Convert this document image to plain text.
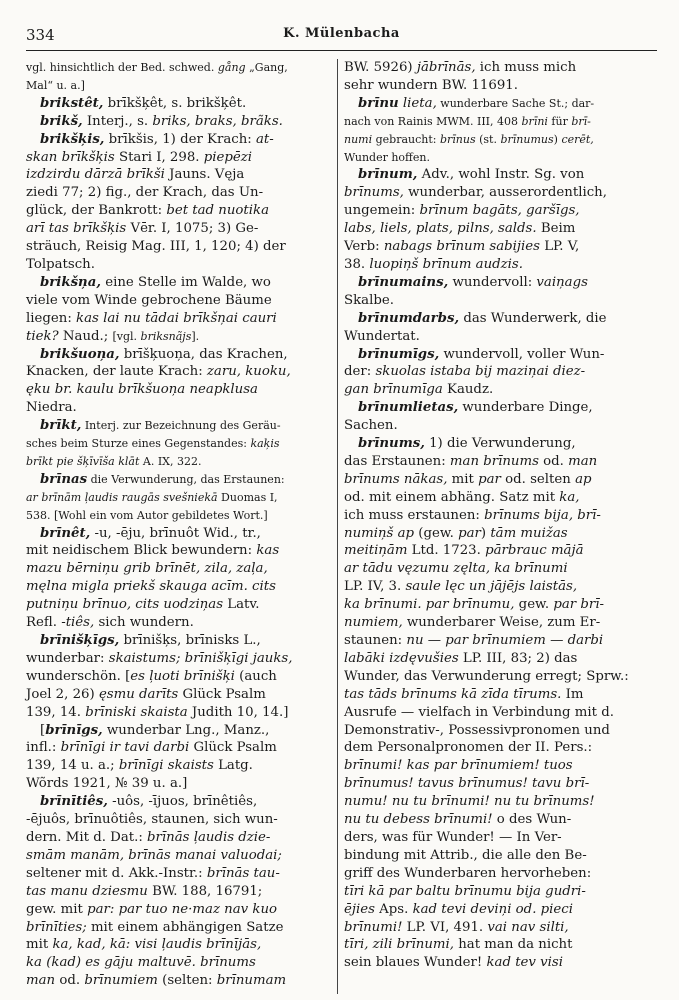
334	K. Mülenbacha
vgl. hinsichtlich der Bed. schwed. gång „Gang,
Mal“ u. a.]
brikstêt, brīkšķêt, s. brikšķêt.
brikš, Interj., s. briks, braks, brãks.
brikšķis, brīkšis, 1) der Krach: at-
skan brīkšķis Stari I, 298. piepēzi
izdzirdu dārzā brīkši Jauns. Vęja
ziedi 77; 2) fig., der Krach, das Un-
glück, der Bankrott: bet tad nuotika
arī tas brīkšķis Vēr. I, 1075; 3) Ge-
sträuch, Reisig Mag. III, 1, 120; 4) der
Tolpatsch.
brikšņa, eine Stelle im Walde, wo
viele vom Winde gebrochene Bäume
liegen: kas lai nu tādai brīkšņai cauri
tiek? Naud.; [vgl. briksnãjs].
brikšuoņa, brīšķuoņa, das Krachen,
Knacken, der laute Krach: zaru, kuoku,
ęku br. kaulu brīkšuoņa neapklusa
Niedra.
brīkt, Interj. zur Bezeichnung des Geräu-
sches beim Sturze eines Gegenstandes: kaķis
brīkt pie šķīvīša klāt A. IX, 322.
brīnas die Verwunderung, das Erstaunen:
ar brīnām ļaudis raugās svešniekā Duomas I,
538. [Wohl ein vom Autor gebildetes Wort.]
brīnêt, -u, -ēju, brīnuôt Wid., tr.,
mit neidischem Blick bewundern: kas
mazu bērniņu grib brīnēt, zila, zaļa,
męlna migla priekš skauga acīm. cits
putniņu brīnuo, cits uodziņas Latv.
Refl. -tiês, sich wundern.
brīnišķīgs, brīnišķs, brīnisks L.,
wunderbar: skaistums; brīnišķīgi jauks,
wunderschön. [es ļuoti brīnišķi (auch
Joel 2, 26) ęsmu darīts Glück Psalm
139, 14. brīniski skaista Judith 10, 14.]
[brīnīgs, wunderbar Lng., Manz.,
infl.: brīnīgi ir tavi darbi Glück Psalm
139, 14 u. a.; brīnīgi skaists Latg.
Wõrds 1921, № 39 u. a.]
brīnītiês, -uôs, -ījuos, brīnêtiês,
-ējuôs, brīnuôtiês, staunen, sich wun-
dern. Mit d. Dat.: brīnās ļaudis dzie-
smām manām, brīnās manai valuodai;
seltener mit d. Akk.-Instr.: brīnās tau-
tas manu dziesmu BW. 188, 16791;
gew. mit par: par tuo ne·maz nav kuo
brīnīties; mit einem abhängigen Satze
mit ka, kad, kā: visi ļaudis brīnījās,
ka (kad) es gāju maltuvē. brīnums
man od. brīnumiem (selten: brīnumam
BW. 5926) jābrīnās, ich muss mich
sehr wundern BW. 11691.
brīnu lieta, wunderbare Sache St.; dar-
nach von Rainis MWM. III, 408 brīni für brī-
numi gebraucht: brīnus (st. brīnumus) cerēt,
Wunder hoffen.
brīnum, Adv., wohl Instr. Sg. von
brīnums, wunderbar, ausserordentlich,
ungemein: brīnum bagāts, garšīgs,
labs, liels, plats, pilns, salds. Beim
Verb: nabags brīnum sabijies LP. V,
38. luopiņš brīnum audzis.
brīnumains, wundervoll: vaiņags
Skalbe.
brīnumdarbs, das Wunderwerk, die
Wundertat.
brīnumīgs, wundervoll, voller Wun-
der: skuolas istaba bij maziņai diez-
gan brīnumīga Kaudz.
brīnumlietas, wunderbare Dinge,
Sachen.
brīnums, 1) die Verwunderung,
das Erstaunen: man brīnums od. man
brīnums nākas, mit par od. selten ap
od. mit einem abhäng. Satz mit ka,
ich muss erstaunen: brīnums bija, brī-
numiņš ap (gew. par) tām muižas
meitiņām Ltd. 1723. pārbrauc mājā
ar tādu vęzumu zęlta, ka brīnumi
LP. IV, 3. saule lęc un jājējs laistās,
ka brīnumi. par brīnumu, gew. par brī-
numiem, wunderbarer Weise, zum Er-
staunen: nu — par brīnumiem — darbi
labāki izdęvušies LP. III, 83; 2) das
Wunder, das Verwunderung erregt; Sprw.:
tas tāds brīnums kā zīda tīrums. Im
Ausrufe — vielfach in Verbindung mit d.
Demonstrativ-, Possessivpronomen und
dem Personalpronomen der II. Pers.:
brīnumi! kas par brīnumiem! tuos
brīnumus! tavus brīnumus! tavu brī-
numu! nu tu brīnumi! nu tu brīnums!
nu tu debess brīnumi! o des Wun-
ders, was für Wunder! — In Ver-
bindung mit Attrib., die alle den Be-
griff des Wunderbaren hervorheben:
tīri kā par baltu brīnumu bija gudri-
ējies Aps. kad tevi deviņi od. pieci
brīnumi! LP. VI, 491. vai nav silti,
tīri, zili brīnumi, hat man da nicht
sein blaues Wunder! kad tev visi
